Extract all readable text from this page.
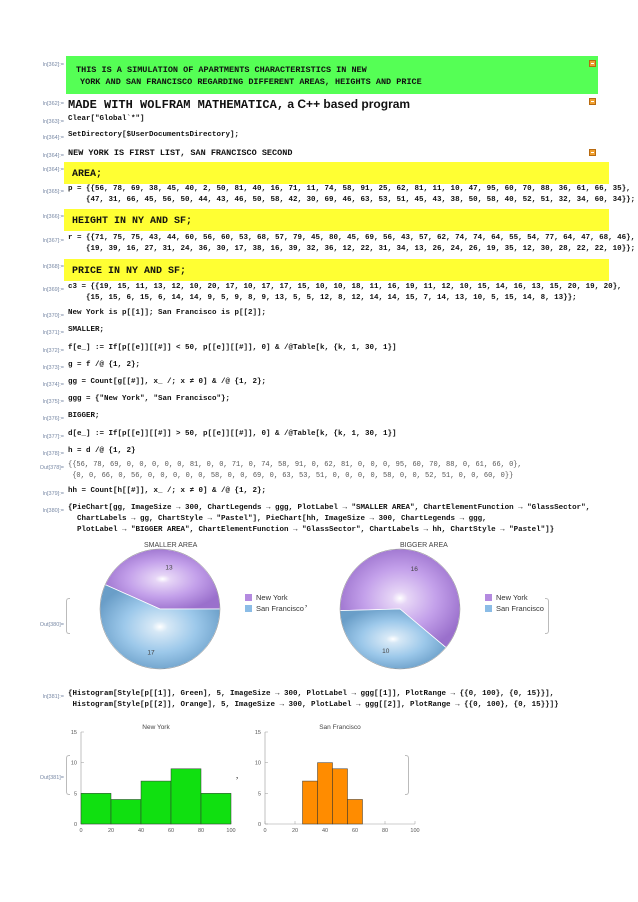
In[362]:= THIS IS A SIMULATION OF APARTMENTS CHARACTERISTICS IN NEW
YORK AND SAN FRANCISCO REGARDING DIFFERENT AREAS, HEIGHTS AND PRICE
In[362]:= MADE WITH WOLFRAM MATHEMATICA, a C++ based program
In[363]:= Clear["Global`*"]
In[364]:= SetDirectory[$UserDocumentsDirectory];
In[364]:= NEW YORK IS FIRST LIST, SAN FRANCISCO SECOND
In[364]:= AREA;
In[365]:= p = {{56, 78, 69, 38, 45, 40, 2, 50, 81, 40, 16, 71, 11, 74, 58, 91, 25, 62, 81, 11, 10, 47, 95, 60, 70, 88, 36, 61, 66, 35},
{47, 31, 66, 45, 56, 50, 44, 43, 46, 50, 58, 42, 30, 69, 46, 63, 53, 51, 45, 43, 38, 50, 58, 40, 52, 51, 32, 34, 60, 34}};
In[366]:= HEIGHT IN NY AND SF;
In[367]:= r = {{71, 75, 75, 43, 44, 60, 56, 60, 53, 68, 57, 79, 45, 80, 45, 69, 56, 43, 57, 62, 74, 74, 64, 55, 54, 77, 64, 47, 68, 46},
{19, 39, 16, 27, 31, 24, 36, 30, 17, 38, 16, 39, 32, 36, 12, 22, 31, 34, 13, 26, 24, 26, 19, 35, 12, 30, 28, 22, 22, 10}};
In[368]:= PRICE IN NY AND SF;
In[369]:= c3 = {{19, 15, 11, 13, 12, 10, 20, 17, 10, 17, 17, 15, 10, 10, 18, 11, 16, 19, 11, 12, 10, 15, 14, 16, 13, 15, 20, 19, 20},
{15, 15, 6, 15, 6, 14, 14, 9, 5, 9, 8, 9, 13, 5, 5, 12, 8, 12, 14, 14, 15, 7, 14, 13, 10, 5, 15, 14, 8, 13}};
In[370]:= New York is p[[1]]; San Francisco is p[[2]];
In[371]:= SMALLER;
In[372]:= f[e_] := If[p[[e]][[#]] < 50, p[[e]][[#]], 0] & /@Table[k, {k, 1, 30, 1}]
In[373]:= g = f /@ {1, 2};
In[374]:= gg = Count[g[[#]], x_ /; x ≠ 0] & /@ {1, 2};
In[375]:= ggg = {"New York", "San Francisco"};
In[376]:= BIGGER;
In[377]:= d[e_] := If[p[[e]][[#]] > 50, p[[e]][[#]], 0] & /@Table[k, {k, 1, 30, 1}]
In[378]:= h = d /@ {1, 2}
Out[378]= {{56, 78, 69, 0, 0, 0, 0, 0, 81, 0, 0, 71, 0, 74, 58, 91, 0, 62, 81, 0, 0, 0, 95, 60, 70, 88, 0, 61, 66, 0},
{0, 0, 66, 0, 56, 0, 0, 0, 0, 0, 58, 0, 0, 69, 0, 63, 53, 51, 0, 0, 0, 0, 58, 0, 0, 52, 51, 0, 0, 60, 0}}
In[379]:= hh = Count[h[[#]], x_ /; x ≠ 0] & /@ {1, 2};
In[380]:= {PieChart[gg, ImageSize → 300, ChartLegends → ggg, PlotLabel → "SMALLER AREA", ChartElementFunction → "GlassSector",
ChartLabels → gg, ChartStyle → "Pastel"], PieChart[hh, ImageSize → 300, ChartLegends → ggg,
PlotLabel → "BIGGER AREA", ChartElementFunction → "GlassSector", ChartLabels → hh, ChartStyle → "Pastel"]}
Out[380]=
,
SMALLER AREA	BIGGER AREA
13
17
16
10
New York
San Francisco
New York
San Francisco
In[381]:= {Histogram[Style[p[[1]], Green], 5, ImageSize → 300, PlotLabel → ggg[[1]], PlotRange → {{0, 100}, {0, 15}}],
Histogram[Style[p[[2]], Orange], 5, ImageSize → 300, PlotLabel → ggg[[2]], PlotRange → {{0, 100}, {0, 15}}]}
Out[381]=	,
New York
0
5
10
15
0	20	40	60	80	100
San Francisco
0
5
10
15
0	20	40	60	80	100
